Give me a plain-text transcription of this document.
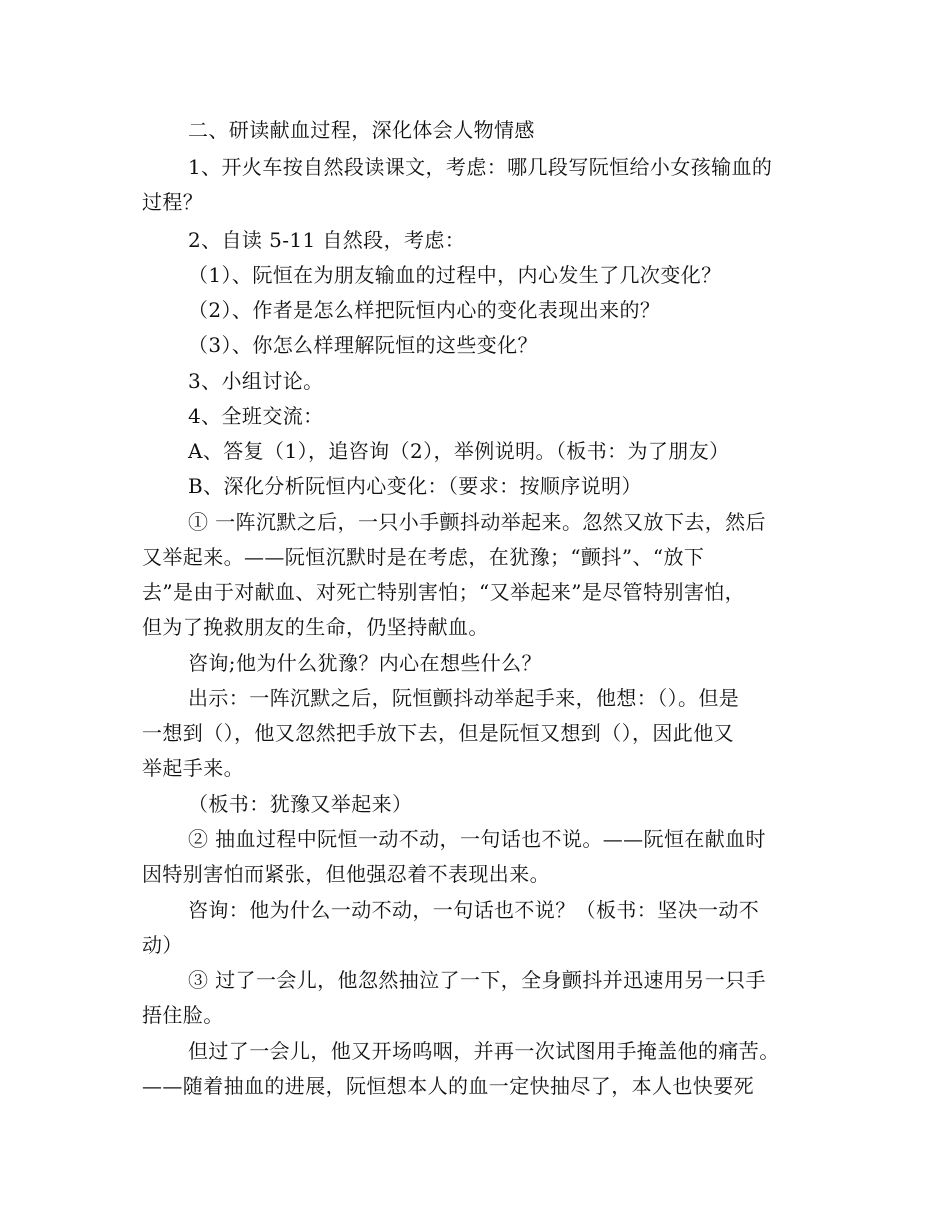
二、研读献血过程，深化体会人物情感
1、开火车按自然段读课文，考虑：哪几段写阮恒给小女孩输血的
过程？
2、自读 5-11 自然段，考虑：
（1）、阮恒在为朋友输血的过程中，内心发生了几次变化？
（2）、作者是怎么样把阮恒内心的变化表现出来的？
（3）、你怎么样理解阮恒的这些变化？
3、小组讨论。
4、全班交流：
A、答复（1），追咨询（2），举例说明。（板书：为了朋友）
B、深化分析阮恒内心变化：（要求：按顺序说明）
① 一阵沉默之后，一只小手颤抖动举起来。忽然又放下去，然后
又举起来。——阮恒沉默时是在考虑，在犹豫；“颤抖”、“放下
去”是由于对献血、对死亡特别害怕；“又举起来”是尽管特别害怕，
但为了挽救朋友的生命，仍坚持献血。
咨询;他为什么犹豫？内心在想些什么？
出示：一阵沉默之后，阮恒颤抖动举起手来，他想：（）。但是
一想到（），他又忽然把手放下去，但是阮恒又想到（），因此他又
举起手来。
（板书：犹豫又举起来）
② 抽血过程中阮恒一动不动，一句话也不说。——阮恒在献血时
因特别害怕而紧张，但他强忍着不表现出来。
咨询：他为什么一动不动，一句话也不说？（板书：坚决一动不
动）
③ 过了一会儿，他忽然抽泣了一下，全身颤抖并迅速用另一只手
捂住脸。
但过了一会儿，他又开场呜咽，并再一次试图用手掩盖他的痛苦。
——随着抽血的进展，阮恒想本人的血一定快抽尽了，本人也快要死
